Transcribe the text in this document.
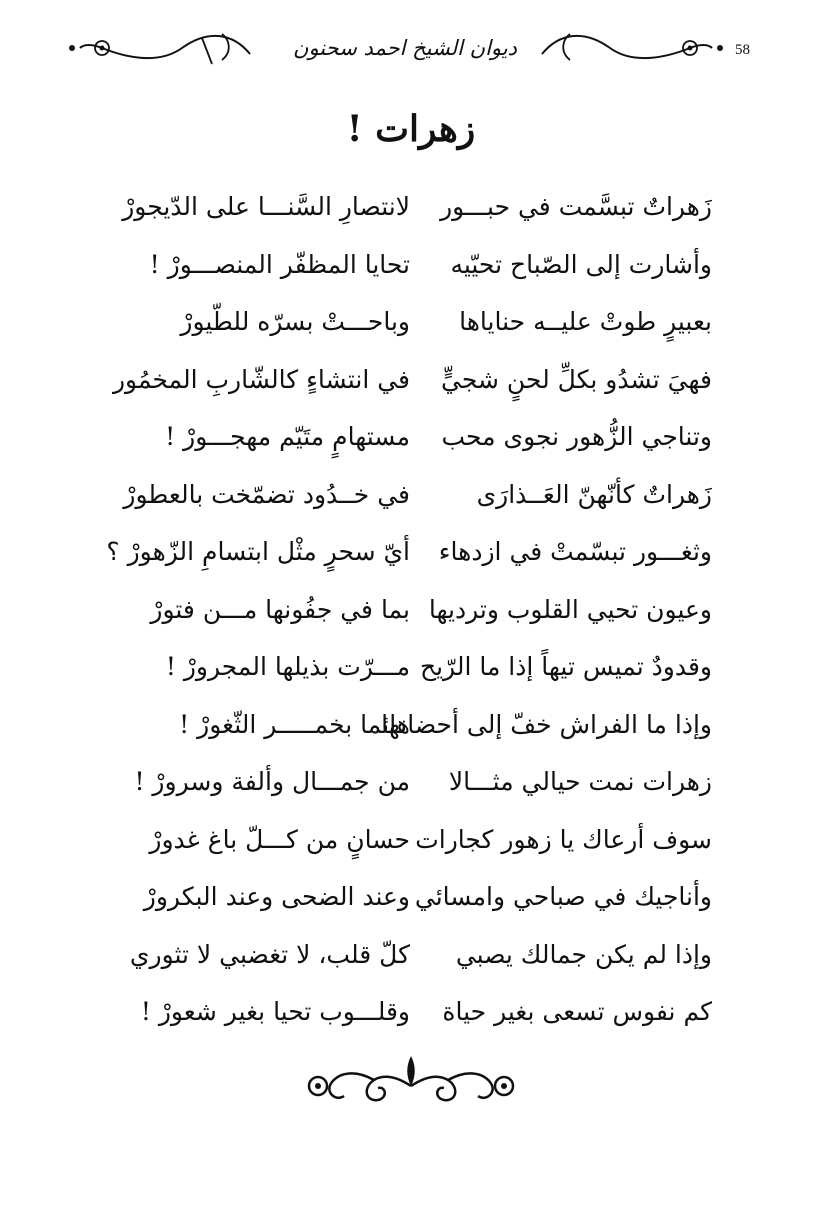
ديوان الشيخ احمد سحنون	58
زهرات !
زَهراتٌ تبسَّمت في حبـــور
لانتصارِ السَّنـــا على الدّيجورْ
وأشارت إلى الصّباح تحيّيه
تحايا المظفّر المنصـــورْ !
بعبيرٍ طوتْ عليــه حناياها
وباحـــتْ بسرّه للطّيورْ
فهيَ تشدُو بكلِّ لحنٍ شجيٍّ
في انتشاءٍ كالشّاربِ المخمُور
وتناجي الزُّهور نجوى محب
مستهامٍ متَيّم مهجـــورْ !
زَهراتٌ كأنّهنّ العَــذارَى
في خــدُود تضمّخت بالعطورْ
وثغـــور تبسّمتْ في ازدهاء
أيّ سحرٍ مثْل ابتسامِ الزّهورْ ؟
وعيون تحيي القلوب وترديها
بما في جفُونها مـــن فتورْ
وقدودٌ تميس تيهاً إذا ما الرّيح
مـــرّت بذيلها المجرورْ !
وإذا ما الفراش خفّ إلى أحضانها
هائما بخمـــــر الثّغورْ !
زهرات نمت حيالي مثـــالا
من جمـــال وألفة وسرورْ !
سوف أرعاك يا زهور كجارات
حسانٍ من كـــلّ باغ غدورْ
وأناجيك في صباحي وامسائي
وعند الضحى وعند البكرورْ
وإذا لم يكن جمالك يصبي
كلّ قلب، لا تغضبي لا تثوري
كم نفوس تسعى بغير حياة
وقلـــوب تحيا بغير شعورْ !
